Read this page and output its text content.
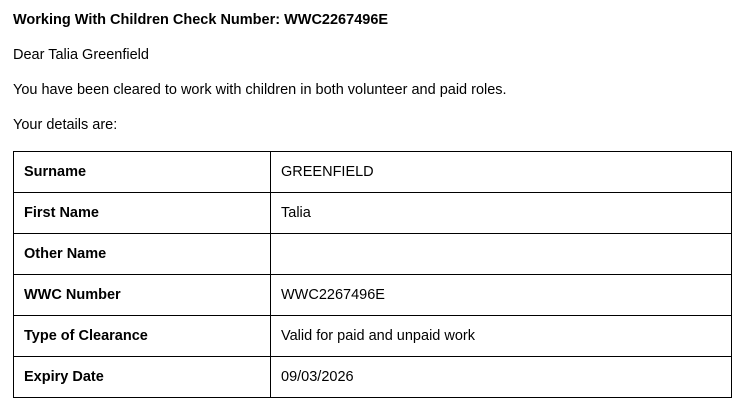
Working With Children Check Number: WWC2267496E

Dear Talia Greenfield

You have been cleared to work with children in both volunteer and paid roles.

Your details are:

Surname	GREENFIELD
First Name	Talia
Other Name	
WWC Number	WWC2267496E
Type of Clearance	Valid for paid and unpaid work
Expiry Date	09/03/2026
